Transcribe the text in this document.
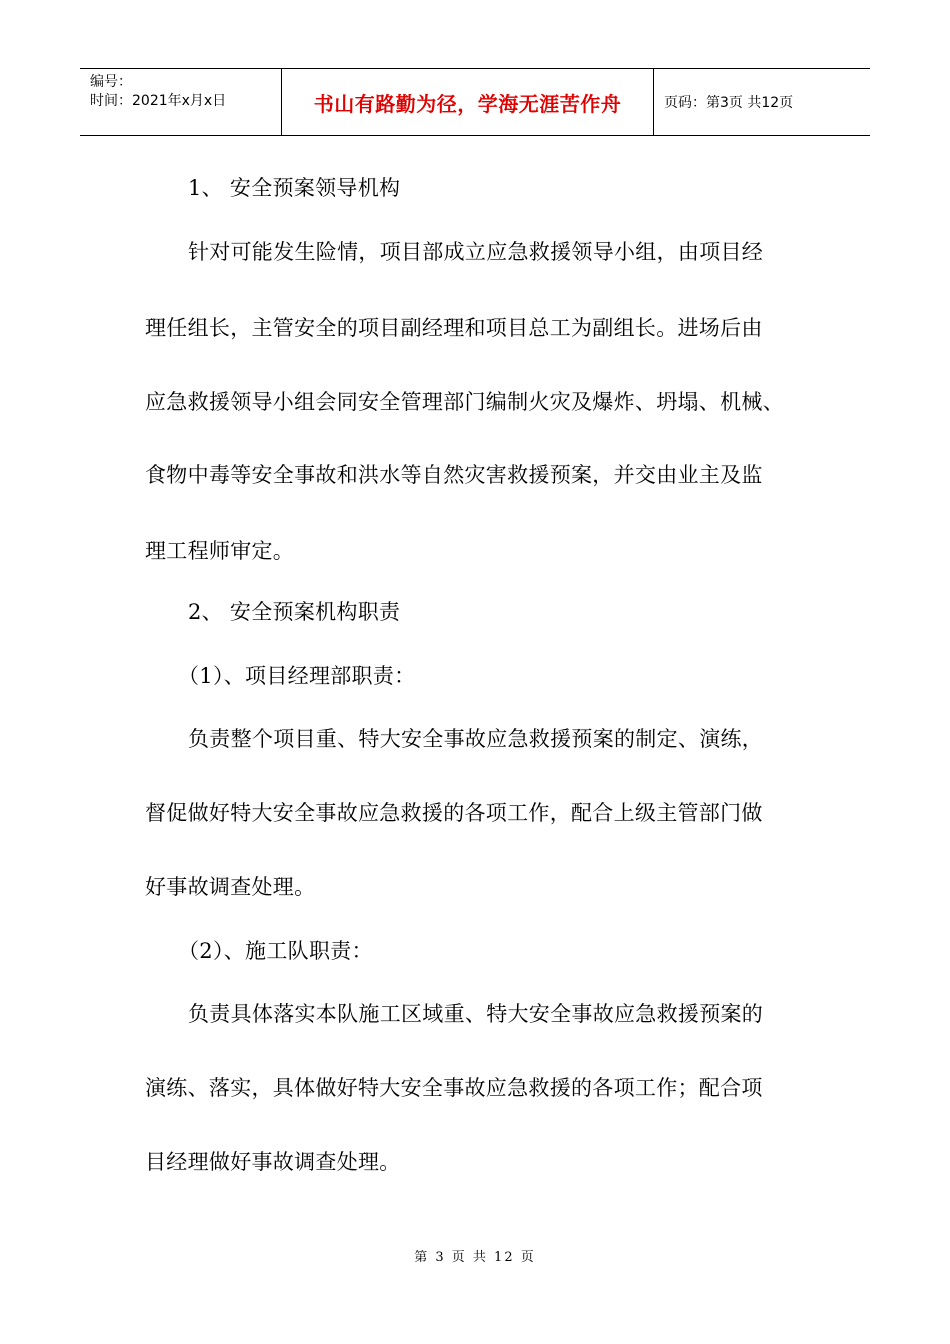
编号：
时间：2021年x月x日	书山有路勤为径，学海无涯苦作舟	页码：第3页 共12页
1、 安全预案领导机构
针对可能发生险情，项目部成立应急救援领导小组，由项目经
理任组长，主管安全的项目副经理和项目总工为副组长。进场后由
应急救援领导小组会同安全管理部门编制火灾及爆炸、坍塌、机械、
食物中毒等安全事故和洪水等自然灾害救援预案，并交由业主及监
理工程师审定。
2、 安全预案机构职责
（1）、项目经理部职责：
负责整个项目重、特大安全事故应急救援预案的制定、演练，
督促做好特大安全事故应急救援的各项工作，配合上级主管部门做
好事故调查处理。
（2）、施工队职责：
负责具体落实本队施工区域重、特大安全事故应急救援预案的
演练、落实，具体做好特大安全事故应急救援的各项工作；配合项
目经理做好事故调查处理。
第 3 页 共 12 页
